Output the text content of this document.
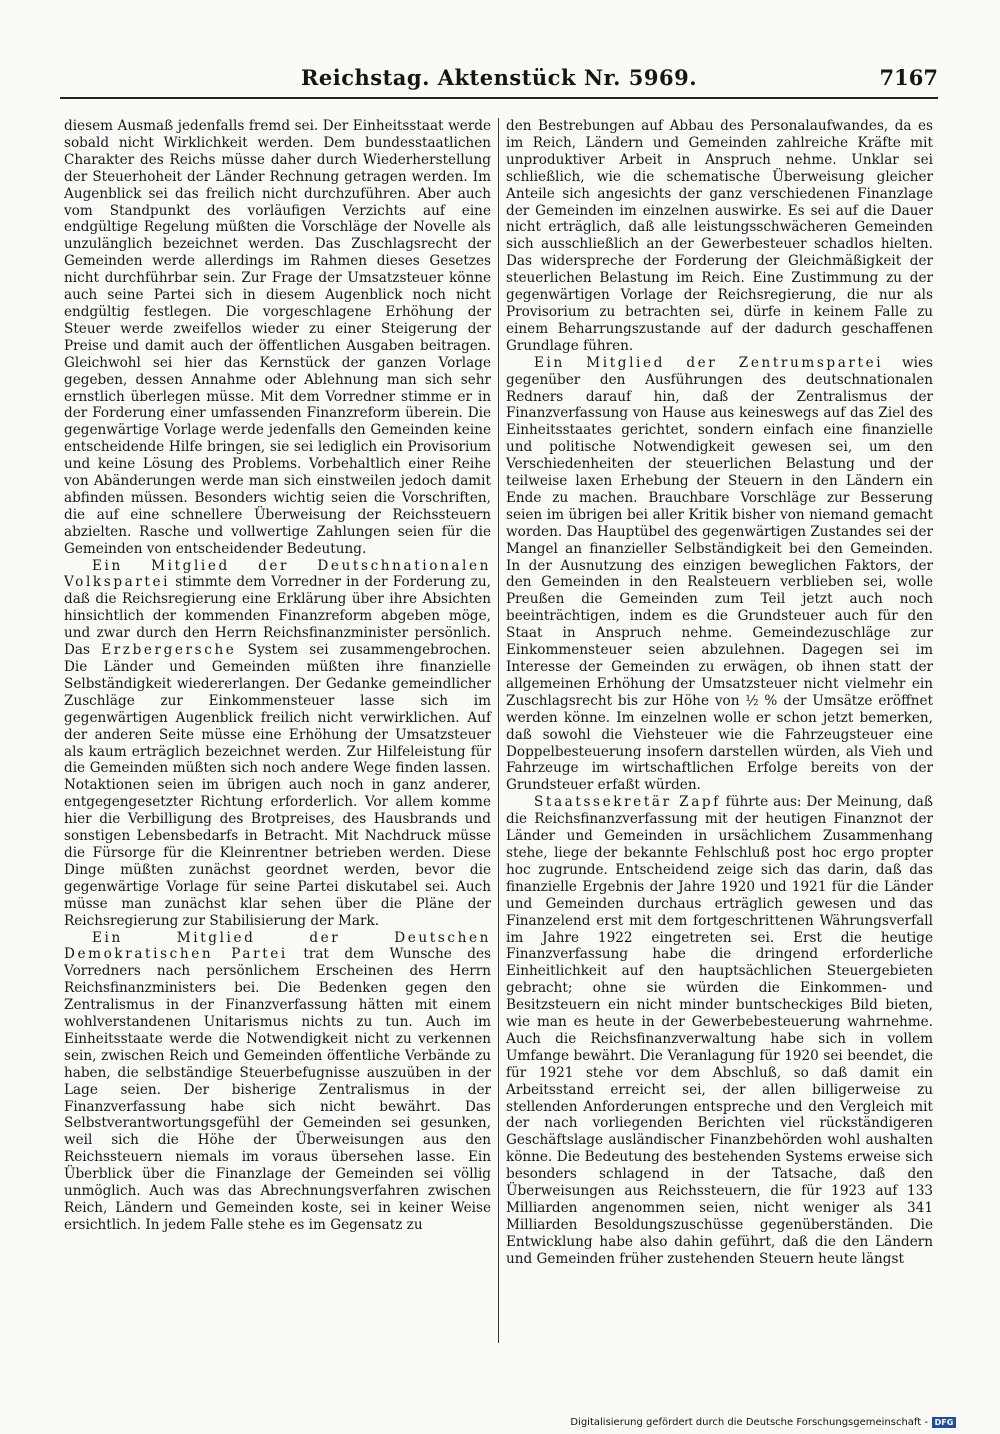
Reichstag. Aktenstück Nr. 5969.	7167

diesem Ausmaß jedenfalls fremd sei. Der Einheitsstaat werde sobald nicht Wirklichkeit werden. Dem bundesstaatlichen Charakter des Reichs müsse daher durch Wiederherstellung der Steuerhoheit der Länder Rechnung getragen werden. Im Augenblick sei das freilich nicht durchzuführen. Aber auch vom Standpunkt des vorläufigen Verzichts auf eine endgültige Regelung müßten die Vorschläge der Novelle als unzulänglich bezeichnet werden. Das Zuschlagsrecht der Gemeinden werde allerdings im Rahmen dieses Gesetzes nicht durchführbar sein. Zur Frage der Umsatzsteuer könne auch seine Partei sich in diesem Augenblick noch nicht endgültig festlegen. Die vorgeschlagene Erhöhung der Steuer werde zweifellos wieder zu einer Steigerung der Preise und damit auch der öffentlichen Ausgaben beitragen. Gleichwohl sei hier das Kernstück der ganzen Vorlage gegeben, dessen Annahme oder Ablehnung man sich sehr ernstlich überlegen müsse. Mit dem Vorredner stimme er in der Forderung einer umfassenden Finanzreform überein. Die gegenwärtige Vorlage werde jedenfalls den Gemeinden keine entscheidende Hilfe bringen, sie sei lediglich ein Provisorium und keine Lösung des Problems. Vorbehaltlich einer Reihe von Abänderungen werde man sich einstweilen jedoch damit abfinden müssen. Besonders wichtig seien die Vorschriften, die auf eine schnellere Überweisung der Reichssteuern abzielten. Rasche und vollwertige Zahlungen seien für die Gemeinden von entscheidender Bedeutung.

Ein Mitglied der Deutschnationalen Volkspartei stimmte dem Vorredner in der Forderung zu, daß die Reichsregierung eine Erklärung über ihre Absichten hinsichtlich der kommenden Finanzreform abgeben möge, und zwar durch den Herrn Reichsfinanzminister persönlich. Das Erzbergersche System sei zusammengebrochen. Die Länder und Gemeinden müßten ihre finanzielle Selbständigkeit wiedererlangen. Der Gedanke gemeindlicher Zuschläge zur Einkommensteuer lasse sich im gegenwärtigen Augenblick freilich nicht verwirklichen. Auf der anderen Seite müsse eine Erhöhung der Umsatzsteuer als kaum erträglich bezeichnet werden. Zur Hilfeleistung für die Gemeinden müßten sich noch andere Wege finden lassen. Notaktionen seien im übrigen auch noch in ganz anderer, entgegengesetzter Richtung erforderlich. Vor allem komme hier die Verbilligung des Brotpreises, des Hausbrands und sonstigen Lebensbedarfs in Betracht. Mit Nachdruck müsse die Fürsorge für die Kleinrentner betrieben werden. Diese Dinge müßten zunächst geordnet werden, bevor die gegenwärtige Vorlage für seine Partei diskutabel sei. Auch müsse man zunächst klar sehen über die Pläne der Reichsregierung zur Stabilisierung der Mark.

Ein Mitglied der Deutschen Demokratischen Partei trat dem Wunsche des Vorredners nach persönlichem Erscheinen des Herrn Reichsfinanzministers bei. Die Bedenken gegen den Zentralismus in der Finanzverfassung hätten mit einem wohlverstandenen Unitarismus nichts zu tun. Auch im Einheitsstaate werde die Notwendigkeit nicht zu verkennen sein, zwischen Reich und Gemeinden öffentliche Verbände zu haben, die selbständige Steuerbefugnisse auszuüben in der Lage seien. Der bisherige Zentralismus in der Finanzverfassung habe sich nicht bewährt. Das Selbstverantwortungsgefühl der Gemeinden sei gesunken, weil sich die Höhe der Überweisungen aus den Reichssteuern niemals im voraus übersehen lasse. Ein Überblick über die Finanzlage der Gemeinden sei völlig unmöglich. Auch was das Abrechnungsverfahren zwischen Reich, Ländern und Gemeinden koste, sei in keiner Weise ersichtlich. In jedem Falle stehe es im Gegensatz zu

den Bestrebungen auf Abbau des Personalaufwandes, da es im Reich, Ländern und Gemeinden zahlreiche Kräfte mit unproduktiver Arbeit in Anspruch nehme. Unklar sei schließlich, wie die schematische Überweisung gleicher Anteile sich angesichts der ganz verschiedenen Finanzlage der Gemeinden im einzelnen auswirke. Es sei auf die Dauer nicht erträglich, daß alle leistungsschwächeren Gemeinden sich ausschließlich an der Gewerbesteuer schadlos hielten. Das widerspreche der Forderung der Gleichmäßigkeit der steuerlichen Belastung im Reich. Eine Zustimmung zu der gegenwärtigen Vorlage der Reichsregierung, die nur als Provisorium zu betrachten sei, dürfe in keinem Falle zu einem Beharrungszustande auf der dadurch geschaffenen Grundlage führen.

Ein Mitglied der Zentrumspartei wies gegenüber den Ausführungen des deutschnationalen Redners darauf hin, daß der Zentralismus der Finanzverfassung von Hause aus keineswegs auf das Ziel des Einheitsstaates gerichtet, sondern einfach eine finanzielle und politische Notwendigkeit gewesen sei, um den Verschiedenheiten der steuerlichen Belastung und der teilweise laxen Erhebung der Steuern in den Ländern ein Ende zu machen. Brauchbare Vorschläge zur Besserung seien im übrigen bei aller Kritik bisher von niemand gemacht worden. Das Hauptübel des gegenwärtigen Zustandes sei der Mangel an finanzieller Selbständigkeit bei den Gemeinden. In der Ausnutzung des einzigen beweglichen Faktors, der den Gemeinden in den Realsteuern verblieben sei, wolle Preußen die Gemeinden zum Teil jetzt auch noch beeinträchtigen, indem es die Grundsteuer auch für den Staat in Anspruch nehme. Gemeindezuschläge zur Einkommensteuer seien abzulehnen. Dagegen sei im Interesse der Gemeinden zu erwägen, ob ihnen statt der allgemeinen Erhöhung der Umsatzsteuer nicht vielmehr ein Zuschlagsrecht bis zur Höhe von ½ % der Umsätze eröffnet werden könne. Im einzelnen wolle er schon jetzt bemerken, daß sowohl die Viehsteuer wie die Fahrzeugsteuer eine Doppelbesteuerung insofern darstellen würden, als Vieh und Fahrzeuge im wirtschaftlichen Erfolge bereits von der Grundsteuer erfaßt würden.

Staatssekretär Zapf führte aus: Der Meinung, daß die Reichsfinanzverfassung mit der heutigen Finanznot der Länder und Gemeinden in ursächlichem Zusammenhang stehe, liege der bekannte Fehlschluß post hoc ergo propter hoc zugrunde. Entscheidend zeige sich das darin, daß das finanzielle Ergebnis der Jahre 1920 und 1921 für die Länder und Gemeinden durchaus erträglich gewesen und das Finanzelend erst mit dem fortgeschrittenen Währungsverfall im Jahre 1922 eingetreten sei. Erst die heutige Finanzverfassung habe die dringend erforderliche Einheitlichkeit auf den hauptsächlichen Steuergebieten gebracht; ohne sie würden die Einkommen- und Besitzsteuern ein nicht minder buntscheckiges Bild bieten, wie man es heute in der Gewerbebesteuerung wahrnehme. Auch die Reichsfinanzverwaltung habe sich in vollem Umfange bewährt. Die Veranlagung für 1920 sei beendet, die für 1921 stehe vor dem Abschluß, so daß damit ein Arbeitsstand erreicht sei, der allen billigerweise zu stellenden Anforderungen entspreche und den Vergleich mit der nach vorliegenden Berichten viel rückständigeren Geschäftslage ausländischer Finanzbehörden wohl aushalten könne. Die Bedeutung des bestehenden Systems erweise sich besonders schlagend in der Tatsache, daß den Überweisungen aus Reichssteuern, die für 1923 auf 133 Milliarden angenommen seien, nicht weniger als 341 Milliarden Besoldungszuschüsse gegenüberständen. Die Entwicklung habe also dahin geführt, daß die den Ländern und Gemeinden früher zustehenden Steuern heute längst

Digitalisierung gefördert durch die Deutsche Forschungsgemeinschaft - DFG
